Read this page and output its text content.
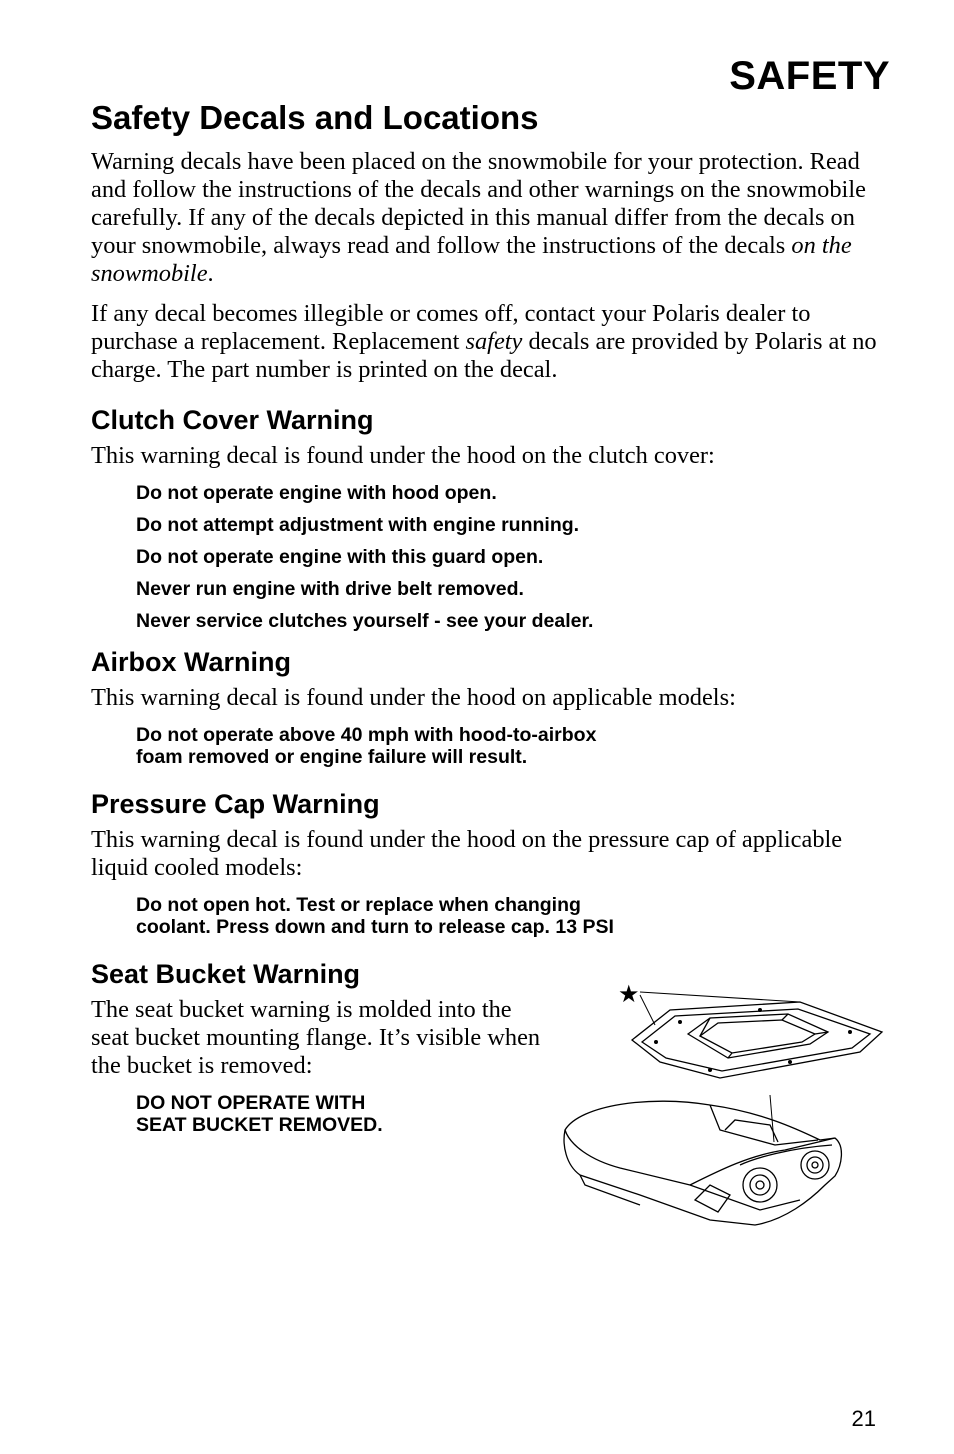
SAFETY
Safety Decals and Locations

Warning decals have been placed on the snowmobile for your protection. Read and follow the instructions of the decals and other warnings on the snowmobile carefully. If any of the decals depicted in this manual differ from the decals on your snowmobile, always read and follow the instructions of the decals on the snowmobile.

If any decal becomes illegible or comes off, contact your Polaris dealer to purchase a replacement. Replacement safety decals are provided by Polaris at no charge. The part number is printed on the decal.

Clutch Cover Warning

This warning decal is found under the hood on the clutch cover:

Do not operate engine with hood open.
Do not attempt adjustment with engine running.
Do not operate engine with this guard open.
Never run engine with drive belt removed.
Never service clutches yourself - see your dealer.
Airbox Warning

This warning decal is found under the hood on applicable models:

Do not operate above 40 mph with hood-to-airbox
foam removed or engine failure will result.
Pressure Cap Warning

This warning decal is found under the hood on the pressure cap of applicable liquid cooled models:

Do not open hot. Test or replace when changing
coolant. Press down and turn to release cap. 13 PSI
Seat Bucket Warning

The seat bucket warning is molded into the seat bucket mounting flange. It’s visible when the bucket is removed:

DO NOT OPERATE WITH
SEAT BUCKET REMOVED.
★
21
